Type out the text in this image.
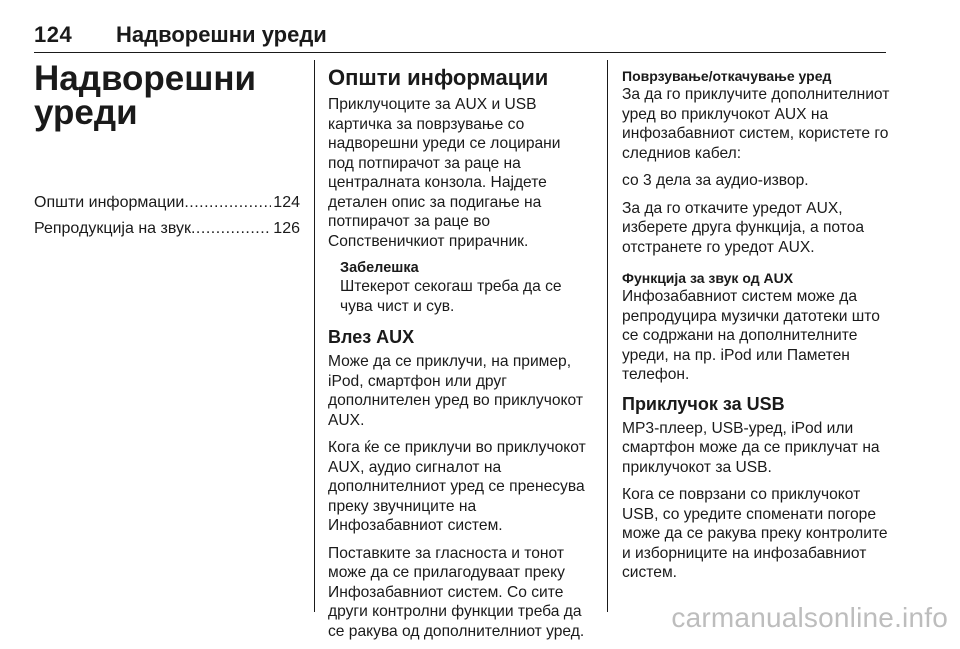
124 Надворешни уреди
Надворешни
уреди
Општи информации .....	124
Репродукција на звук .....	126
Општи информации
Приклучоците за AUX и USB картичка за поврзување со надворешни уреди се лоцирани под потпирачот за раце на централната конзола. Најдете детален опис за подигање на потпирачот за раце во Сопственичкиот прирачник.
Забелешка
Штекерот секогаш треба да се чува чист и сув.
Влез AUX
Може да се приклучи, на пример, iPod, смартфон или друг дополнителен уред во приклучокот AUX.
Кога ќе се приклучи во приклучокот AUX, аудио сигналот на дополнителниот уред се пренесува преку звучниците на Инфозабавниот систем.
Поставките за гласноста и тонот може да се прилагодуваат преку Инфозабавниот систем. Со сите други контролни функции треба да се ракува од дополнителниот уред.
Поврзување/откачување уред
За да го приклучите дополнителниот уред во приклучокот AUX на инфозабавниот систем, користете го следниов кабел:
со 3 дела за аудио-извор.
За да го откачите уредот AUX, изберете друга функција, а потоа отстранете го уредот AUX.
Функција за звук од AUX
Инфозабавниот систем може да репродуцира музички датотеки што се содржани на дополнителните уреди, на пр. iPod или Паметен телефон.
Приклучок за USB
MP3-плеер, USB-уред, iPod или смартфон може да се приклучат на приклучокот за USB.
Кога се поврзани со приклучокот USB, со уредите споменати погоре може да се ракува преку контролите и изборниците на инфозабавниот систем.
carmanualsonline.info
